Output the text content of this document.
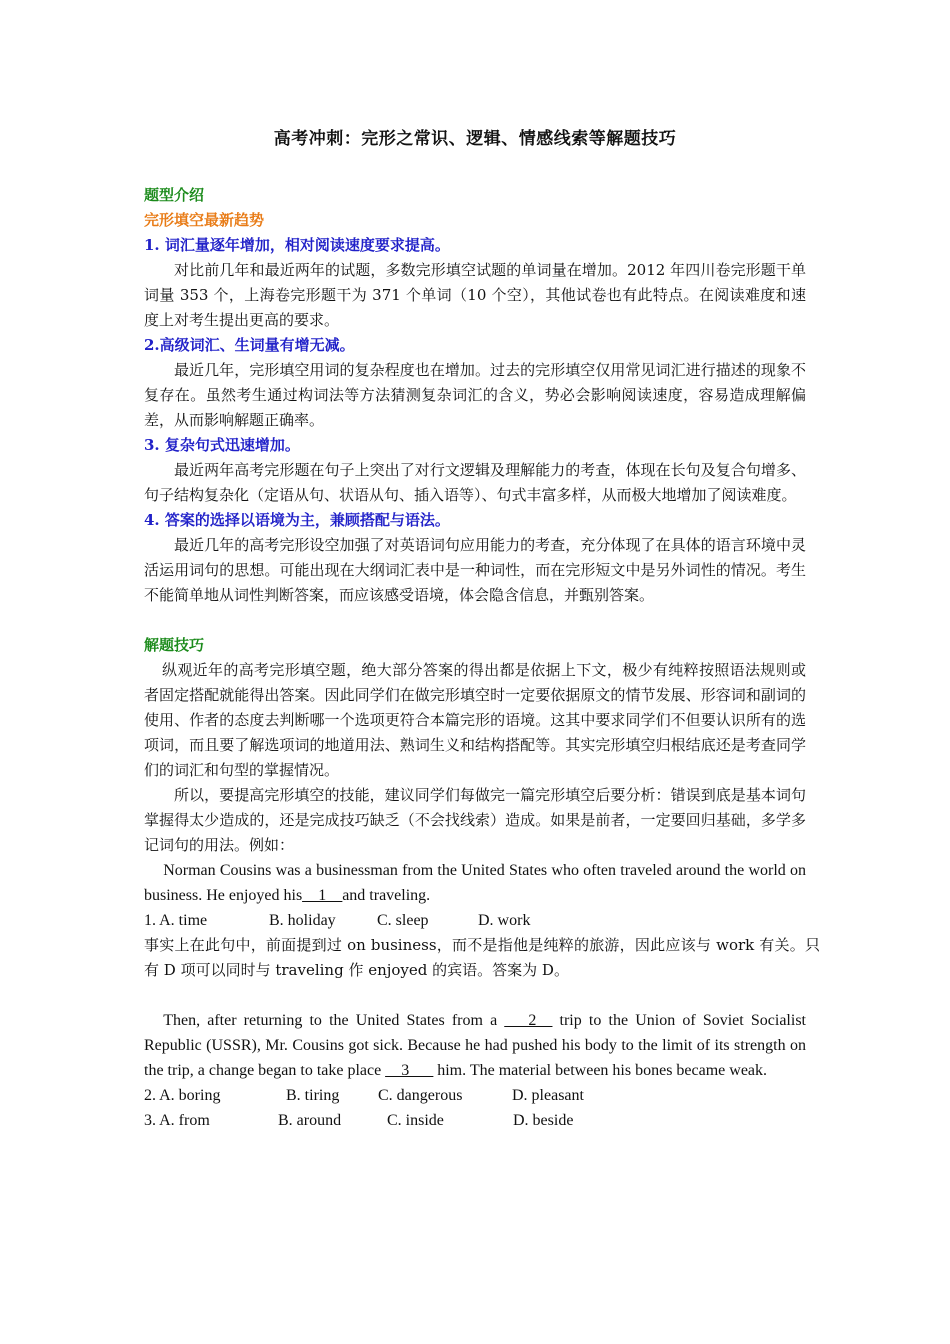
高考冲刺：完形之常识、逻辑、情感线索等解题技巧
题型介绍
完形填空最新趋势
1. 词汇量逐年增加，相对阅读速度要求提高。

对比前几年和最近两年的试题，多数完形填空试题的单词量在增加。2012 年四川卷完形题干单词量 353 个，上海卷完形题干为 371 个单词（10 个空），其他试卷也有此特点。在阅读难度和速度上对考生提出更高的要求。

2.高级词汇、生词量有增无减。

最近几年，完形填空用词的复杂程度也在增加。过去的完形填空仅用常见词汇进行描述的现象不复存在。虽然考生通过构词法等方法猜测复杂词汇的含义，势必会影响阅读速度，容易造成理解偏差，从而影响解题正确率。

3. 复杂句式迅速增加。

最近两年高考完形题在句子上突出了对行文逻辑及理解能力的考查，体现在长句及复合句增多、句子结构复杂化（定语从句、状语从句、插入语等）、句式丰富多样，从而极大地增加了阅读难度。

4. 答案的选择以语境为主，兼顾搭配与语法。

最近几年的高考完形设空加强了对英语词句应用能力的考查，充分体现了在具体的语言环境中灵活运用词句的思想。可能出现在大纲词汇表中是一种词性，而在完形短文中是另外词性的情况。考生不能简单地从词性判断答案，而应该感受语境，体会隐含信息，并甄别答案。

解题技巧

纵观近年的高考完形填空题，绝大部分答案的得出都是依据上下文，极少有纯粹按照语法规则或者固定搭配就能得出答案。因此同学们在做完形填空时一定要依据原文的情节发展、形容词和副词的使用、作者的态度去判断哪一个选项更符合本篇完形的语境。这其中要求同学们不但要认识所有的选项词，而且要了解选项词的地道用法、熟词生义和结构搭配等。其实完形填空归根结底还是考查同学们的词汇和句型的掌握情况。

所以，要提高完形填空的技能，建议同学们每做完一篇完形填空后要分析：错误到底是基本词句掌握得太少造成的，还是完成技巧缺乏（不会找线索）造成。如果是前者，一定要回归基础，多学多记词句的用法。例如：

Norman Cousins was a businessman from the United States who often traveled around the world on business. He enjoyed his__1__and traveling.

1. A. time	B. holiday	C. sleep	D. work

事实上在此句中，前面提到过 on business，而不是指他是纯粹的旅游，因此应该与 work 有关。只有 D 项可以同时与 traveling 作 enjoyed 的宾语。答案为 D。

Then, after returning to the United States from a ___2__ trip to the Union of Soviet Socialist Republic (USSR), Mr. Cousins got sick. Because he had pushed his body to the limit of its strength on the trip, a change began to take place __3___ him. The material between his bones became weak.

2. A. boring	B. tiring C. dangerous	D. pleasant
3. A. from	B. around	C. inside	D. beside
